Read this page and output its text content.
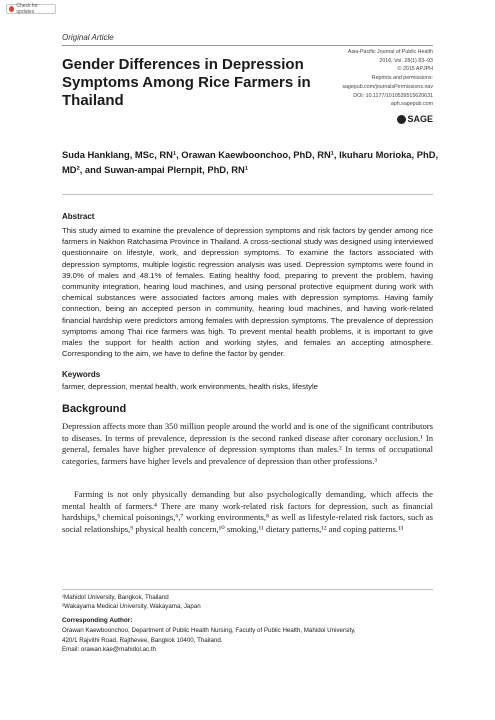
Check for updates
Original Article
Gender Differences in Depression Symptoms Among Rice Farmers in Thailand
Asia-Pacific Journal of Public Health
2016, Vol. 28(1) 83–93
© 2015 APJPH
Reprints and permissions:
sagepub.com/journalsPermissions.nav
DOI: 10.1177/1010539515620631
aph.sagepub.com
SAGE

Suda Hanklang, MSc, RN¹, Orawan Kaewboonchoo, PhD, RN¹, Ikuharu Morioka, PhD, MD², and Suwan-ampai Plernpit, PhD, RN¹

Abstract

This study aimed to examine the prevalence of depression symptoms and risk factors by gender among rice farmers in Nakhon Ratchasima Province in Thailand. A cross-sectional study was designed using interviewed questionnaire on lifestyle, work, and depression symptoms. To examine the factors associated with depression symptoms, multiple logistic regression analysis was used. Depression symptoms were found in 39.0% of males and 48.1% of females. Eating healthy food, preparing to prevent the problem, having community integration, hearing loud machines, and using personal protective equipment during work with chemical substances were associated factors among males with depression symptoms. Having family connection, being an accepted person in community, hearing loud machines, and having work-related financial hardship were predictors among females with depression symptoms. The prevalence of depression symptoms among Thai rice farmers was high. To prevent mental health problems, it is important to give males the support for health action and working styles, and females an accepting atmosphere. Corresponding to the aim, we have to define the factor by gender.

Keywords

farmer, depression, mental health, work environments, health risks, lifestyle

Background

Depression affects more than 350 million people around the world and is one of the significant contributors to diseases. In terms of prevalence, depression is the second ranked disease after coronary occlusion.¹ In general, females have higher prevalence of depression symptoms than males.² In terms of occupational categories, farmers have higher levels and prevalence of depression than other professions.³

Farming is not only physically demanding but also psychologically demanding, which affects the mental health of farmers.⁴ There are many work-related risk factors for depression, such as financial hardships,⁵ chemical poisonings,⁶,⁷ working environments,⁸ as well as lifestyle-related risk factors, such as social relationships,⁹ physical health concern,¹⁰ smoking,¹¹ dietary patterns,¹² and coping patterns.¹³

¹Mahidol University, Bangkok, Thailand

²Wakayama Medical University, Wakayama, Japan

Corresponding Author:

Orawan Kaewboonchoo, Department of Public Health Nursing, Faculty of Public Health, Mahidol University,
420/1 Rajvithi Road, Rajthevee, Bangkok 10400, Thailand.
Email: orawan.kae@mahidol.ac.th
